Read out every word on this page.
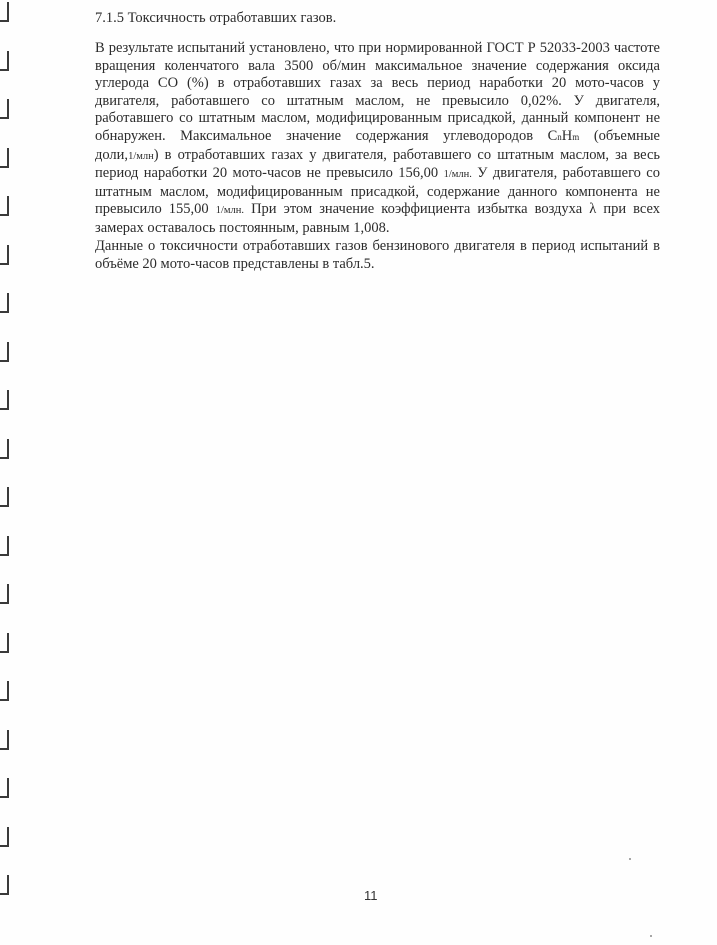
7.1.5 Токсичность отработавших газов.
В результате испытаний установлено, что при нормированной ГОСТ Р 52033-2003 частоте
вращения коленчатого вала 3500 об/мин максимальное значение содержания оксида
углерода СО (%) в отработавших газах за весь период наработки 20 мото-часов у
двигателя, работавшего со штатным маслом, не превысило 0,02%. У двигателя,
работавшего со штатным маслом, модифицированным присадкой, данный компонент не
обнаружен. Максимальное значение содержания углеводородов CnHm (объемные
доли,1/млн) в отработавших газах у двигателя, работавшего со штатным маслом, за весь
период наработки 20 мото-часов не превысило 156,00 1/млн. У двигателя, работавшего со
штатным маслом, модифицированным присадкой, содержание данного компонента не
превысило 155,00 1/млн. При этом значение коэффициента избытка воздуха λ при всех
замерах оставалось постоянным, равным 1,008.
Данные о токсичности отработавших газов бензинового двигателя в период испытаний в
объёме 20 мото-часов представлены в табл.5.
11
